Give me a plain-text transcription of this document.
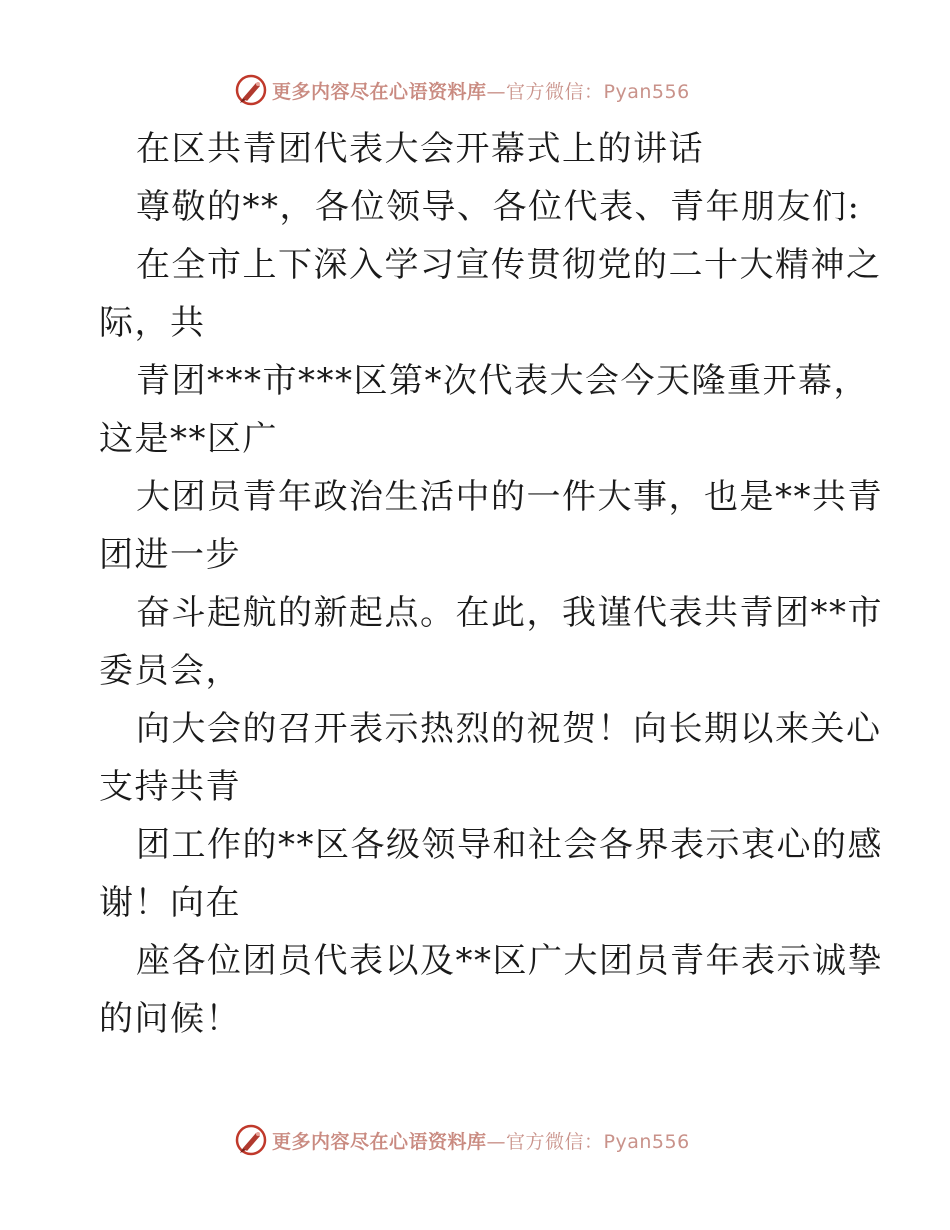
更多内容尽在心语资料库—官方微信：Pyan556
在区共青团代表大会开幕式上的讲话
尊敬的**，各位领导、各位代表、青年朋友们:
在全市上下深入学习宣传贯彻党的二十大精神之
际，共
青团***市***区第*次代表大会今天隆重开幕，
这是**区广
大团员青年政治生活中的一件大事，也是**共青
团进一步
奋斗起航的新起点。在此，我谨代表共青团**市
委员会，
向大会的召开表示热烈的祝贺！向长期以来关心
支持共青
团工作的**区各级领导和社会各界表示衷心的感
谢！向在
座各位团员代表以及**区广大团员青年表示诚挚
的问候！
更多内容尽在心语资料库—官方微信：Pyan556
